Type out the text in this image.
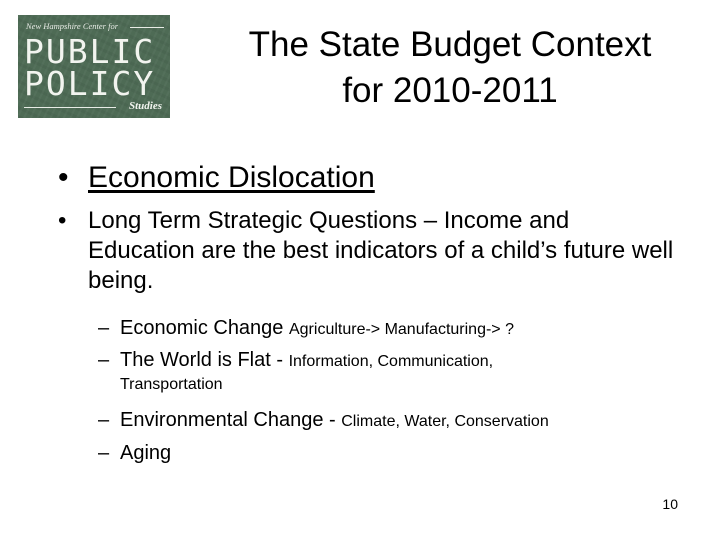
New Hampshire Center for
PUBLIC
POLICY
Studies
The State Budget Context
for 2010-2011
• Economic Dislocation
• Long Term Strategic Questions – Income and Education are the best indicators of a child’s future well being.
– Economic Change Agriculture-> Manufacturing-> ?
– The World is Flat - Information, Communication,
Transportation
– Environmental Change - Climate, Water, Conservation
– Aging
10
